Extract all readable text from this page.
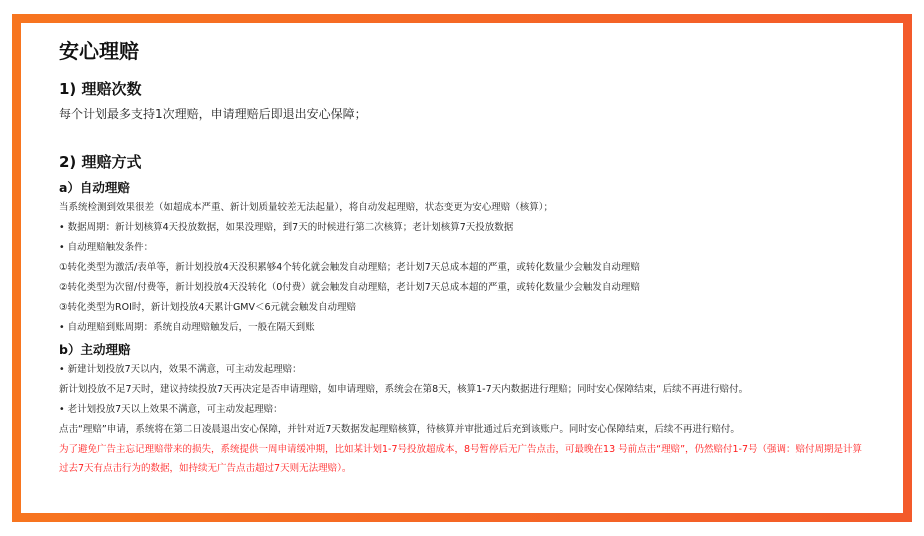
安心理赔
1) 理赔次数
每个计划最多支持1次理赔，申请理赔后即退出安心保障；
2) 理赔方式
a）自动理赔

当系统检测到效果很差（如超成本严重、新计划质量较差无法起量），将自动发起理赔，状态变更为安心理赔（核算）；

• 数据周期：新计划核算4天投放数据，如果没理赔，到7天的时候进行第二次核算；老计划核算7天投放数据

• 自动理赔触发条件：

①转化类型为激活/表单等，新计划投放4天没积累够4个转化就会触发自动理赔；老计划7天总成本超的严重，或转化数量少会触发自动理赔

②转化类型为次留/付费等，新计划投放4天没转化（0付费）就会触发自动理赔，老计划7天总成本超的严重，或转化数量少会触发自动理赔

③转化类型为ROI时，新计划投放4天累计GMV＜6元就会触发自动理赔

• 自动理赔到账周期：系统自动理赔触发后，一般在隔天到账

b）主动理赔

• 新建计划投放7天以内，效果不满意，可主动发起理赔：

新计划投放不足7天时，建议持续投放7天再决定是否申请理赔，如申请理赔，系统会在第8天，核算1-7天内数据进行理赔；同时安心保障结束，后续不再进行赔付。

• 老计划投放7天以上效果不满意，可主动发起理赔：

点击“理赔”申请，系统将在第二日凌晨退出安心保障，并针对近7天数据发起理赔核算，待核算并审批通过后充到该账户。同时安心保障结束，后续不再进行赔付。

为了避免广告主忘记理赔带来的损失，系统提供一周申请缓冲期，比如某计划1-7号投放超成本，8号暂停后无广告点击，可最晚在13 号前点击“理赔”，仍然赔付1-7号（强调：赔付周期是计算过去7天有点击行为的数据，如持续无广告点击超过7天则无法理赔）。
